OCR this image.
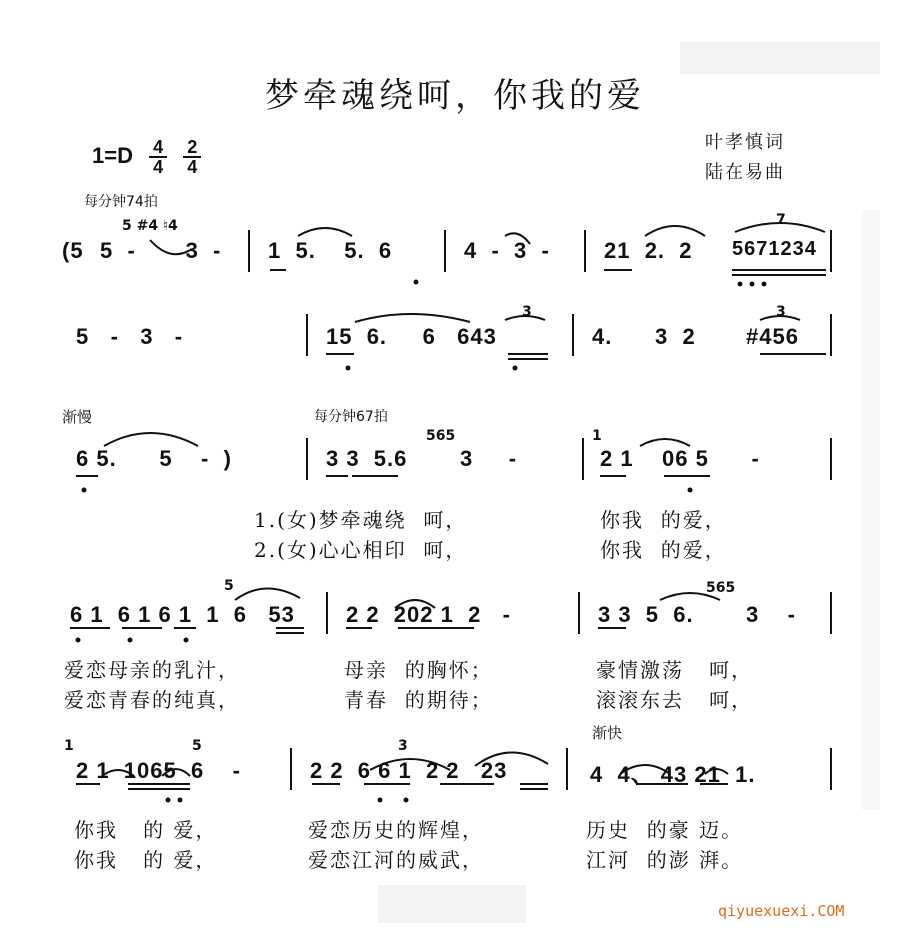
梦牵魂绕呵，你我的爱
$1=D \frac{4}{4} \frac{2}{4}$	叶孝慎词
陆在易曲
每分钟74拍
5 #4 ♮4	7
3	3
565	1
5	565
1	5	3
(5 5  -       3  - 1  5.    5.  6	4  -  3  - 21  2.  2 5671234
5   -   3   -	15  6.     6   643	4.      3  2 #456
渐慢	每分钟67拍
6 5.      5    -  )	3 3  5.6 3     -	2 1    06 5      -
1.(女)梦牵魂绕  呵，	你我  的爱，
2.(女)心心相印  呵，	你我  的爱，
6 1  6 1 6 1  1  6   53 2 2  202 1  2   -	3 3  5  6. 3    -
爱恋母亲的乳汁，	母亲  的胸怀；	豪情激荡   呵，
爱恋青春的纯真，	青春  的期待；	滚滚东去   呵，
渐快
2 1  1065  6    -	2 2  6 6 1  2 2   23	4  4、 43 21  1.
你我   的 爱，	爱恋历史的辉煌，	历史  的豪 迈。
你我   的 爱，	爱恋江河的威武，	江河  的澎 湃。
qiyuexuexi.COM
